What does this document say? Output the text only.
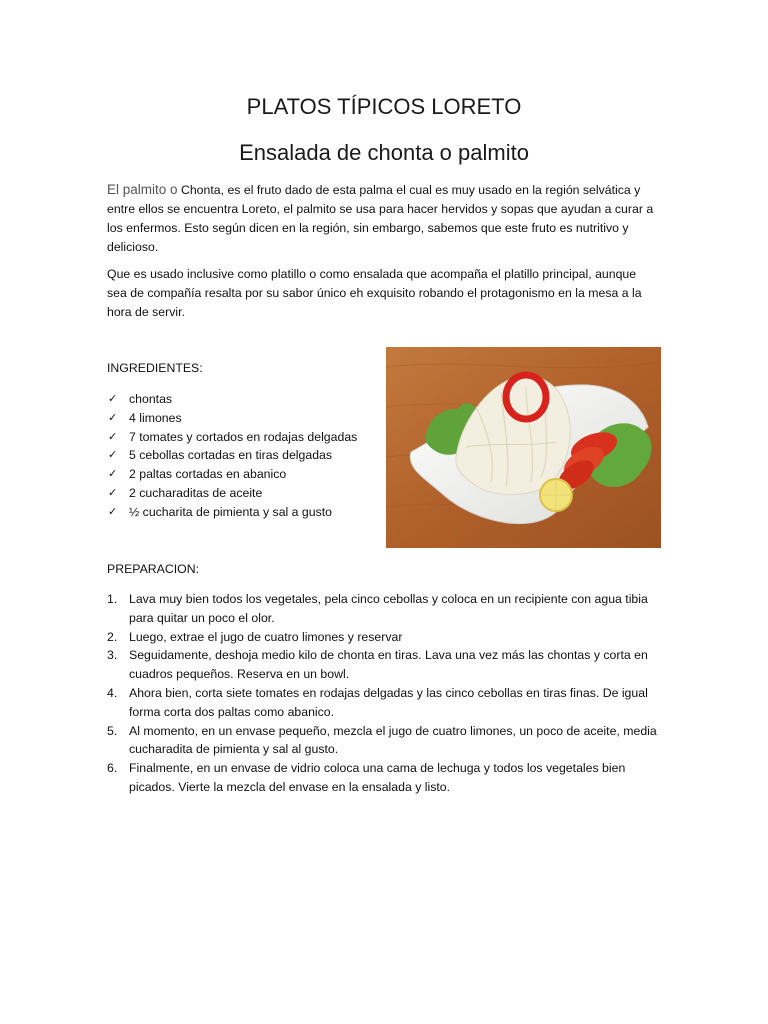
PLATOS TÍPICOS LORETO
Ensalada de chonta o palmito

El palmito o Chonta, es el fruto dado de esta palma el cual es muy usado en la región selvática y entre ellos se encuentra Loreto, el palmito se usa para hacer hervidos y sopas que ayudan a curar a los enfermos. Esto según dicen en la región, sin embargo, sabemos que este fruto es nutritivo y delicioso.

Que es usado inclusive como platillo o como ensalada que acompaña el platillo principal, aunque sea de compañía resalta por su sabor único eh exquisito robando el protagonismo en la mesa a la hora de servir.

INGREDIENTES:

✓ chontas
✓ 4 limones
✓ 7 tomates y cortados en rodajas delgadas
✓ 5 cebollas cortadas en tiras delgadas
✓ 2 paltas cortadas en abanico
✓ 2 cucharaditas de aceite
✓ ½ cucharita de pimienta y sal a gusto

PREPARACION:

1. Lava muy bien todos los vegetales, pela cinco cebollas y coloca en un recipiente con agua tibia para quitar un poco el olor.
2. Luego, extrae el jugo de cuatro limones y reservar
3. Seguidamente, deshoja medio kilo de chonta en tiras. Lava una vez más las chontas y corta en cuadros pequeños. Reserva en un bowl.
4. Ahora bien, corta siete tomates en rodajas delgadas y las cinco cebollas en tiras finas. De igual forma corta dos paltas como abanico.
5. Al momento, en un envase pequeño, mezcla el jugo de cuatro limones, un poco de aceite, media cucharadita de pimienta y sal al gusto.
6. Finalmente, en un envase de vidrio coloca una cama de lechuga y todos los vegetales bien picados. Vierte la mezcla del envase en la ensalada y listo.
